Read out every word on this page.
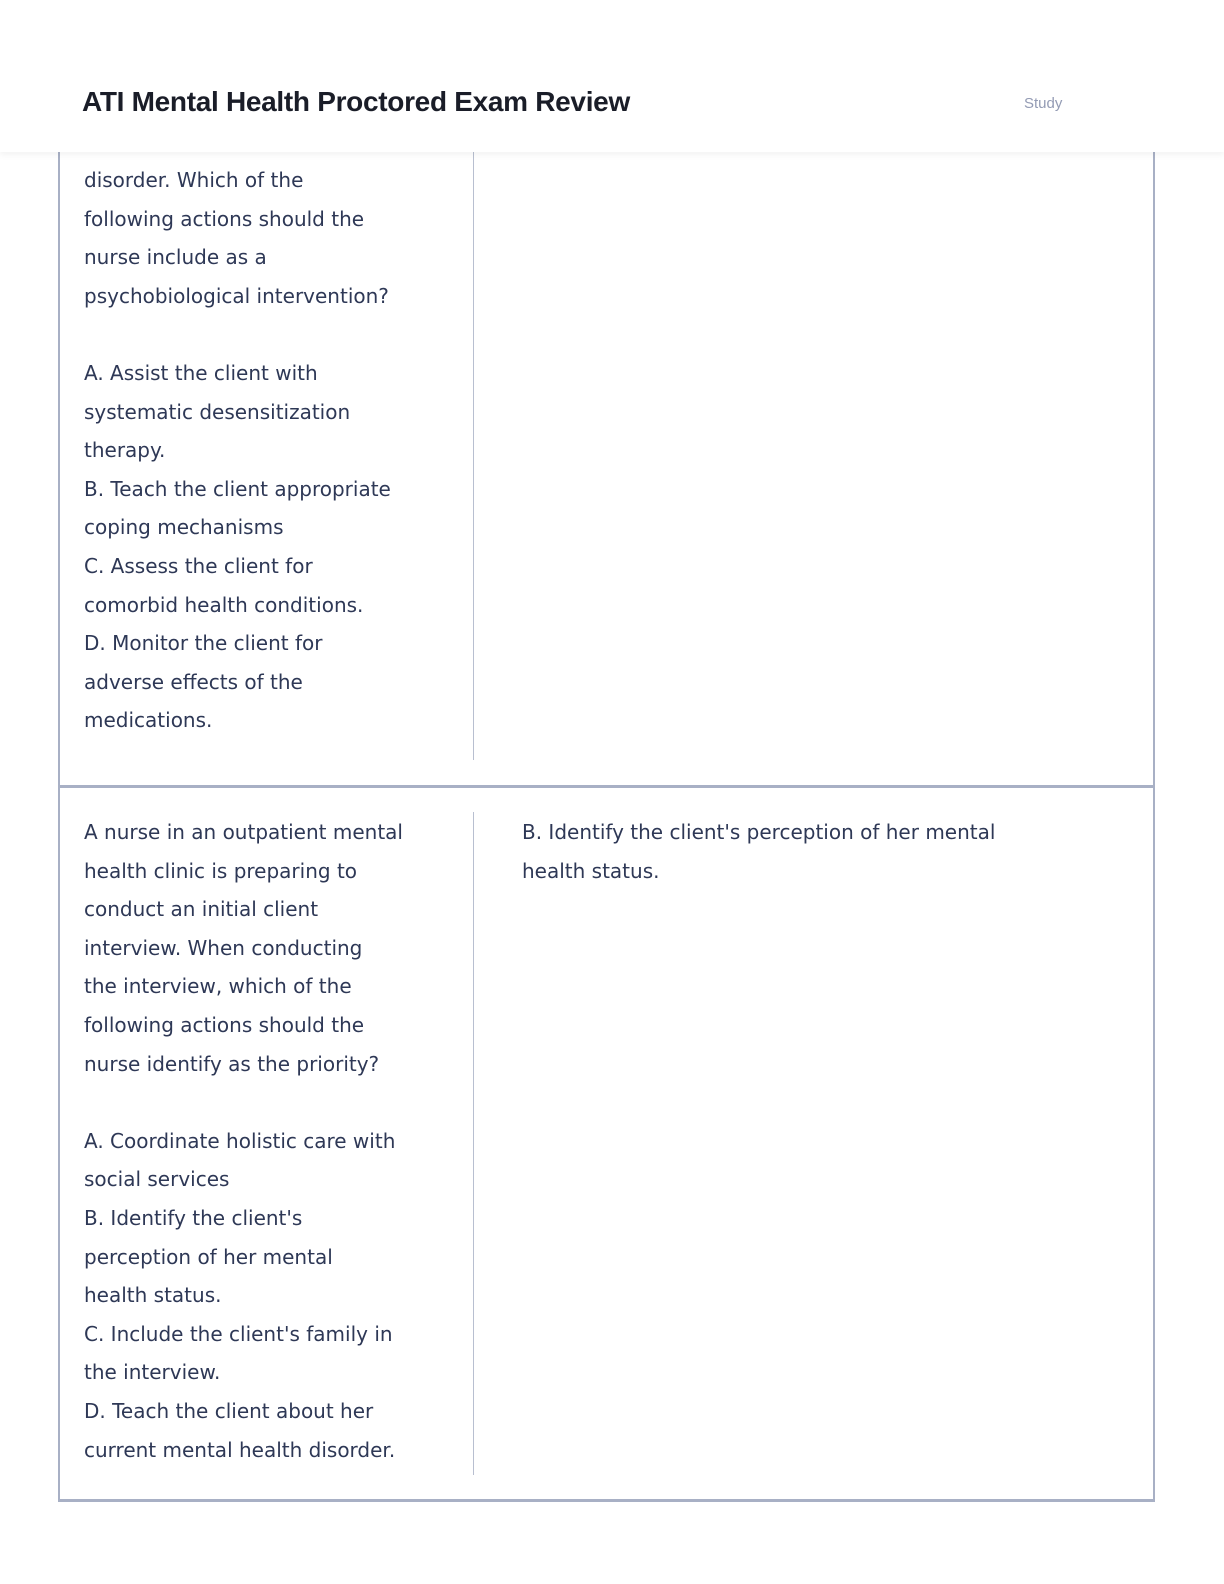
ATI Mental Health Proctored Exam Review	Study

disorder. Which of the
following actions should the
nurse include as a
psychobiological intervention?

A. Assist the client with
systematic desensitization
therapy.
B. Teach the client appropriate
coping mechanisms
C. Assess the client for
comorbid health conditions.
D. Monitor the client for
adverse effects of the
medications.

A nurse in an outpatient mental
health clinic is preparing to
conduct an initial client
interview. When conducting
the interview, which of the
following actions should the
nurse identify as the priority?

A. Coordinate holistic care with
social services
B. Identify the client's
perception of her mental
health status.
C. Include the client's family in
the interview.
D. Teach the client about her
current mental health disorder.

B. Identify the client's perception of her mental
health status.
